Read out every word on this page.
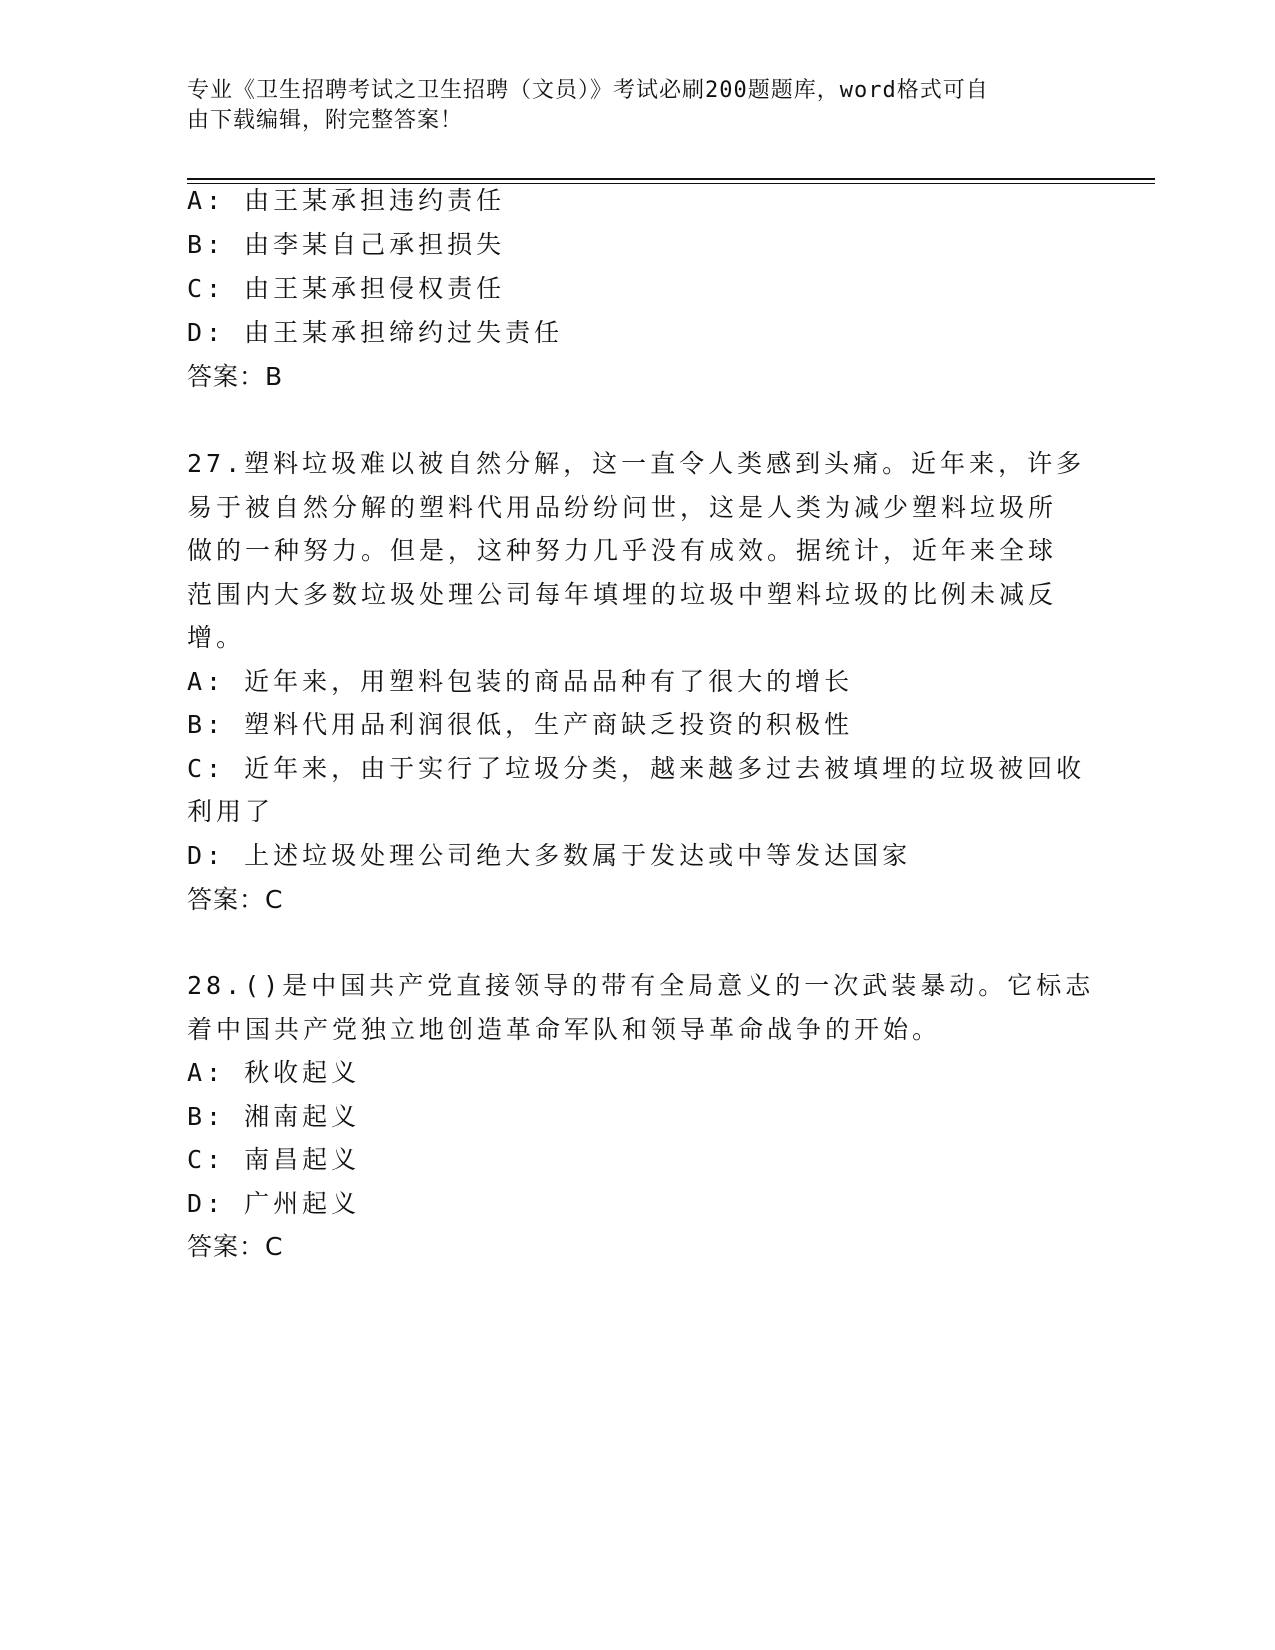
专业《卫生招聘考试之卫生招聘（文员）》考试必刷200题题库，word格式可自
由下载编辑，附完整答案！
A: 由王某承担违约责任
B: 由李某自己承担损失
C: 由王某承担侵权责任
D: 由王某承担缔约过失责任
答案：B
27.塑料垃圾难以被自然分解，这一直令人类感到头痛。近年来，许多
易于被自然分解的塑料代用品纷纷问世，这是人类为减少塑料垃圾所
做的一种努力。但是，这种努力几乎没有成效。据统计，近年来全球
范围内大多数垃圾处理公司每年填埋的垃圾中塑料垃圾的比例未减反
增。
A: 近年来，用塑料包装的商品品种有了很大的增长
B: 塑料代用品利润很低，生产商缺乏投资的积极性
C: 近年来，由于实行了垃圾分类，越来越多过去被填埋的垃圾被回收
利用了
D: 上述垃圾处理公司绝大多数属于发达或中等发达国家
答案：C
28.()是中国共产党直接领导的带有全局意义的一次武装暴动。它标志
着中国共产党独立地创造革命军队和领导革命战争的开始。
A: 秋收起义
B: 湘南起义
C: 南昌起义
D: 广州起义
答案：C
